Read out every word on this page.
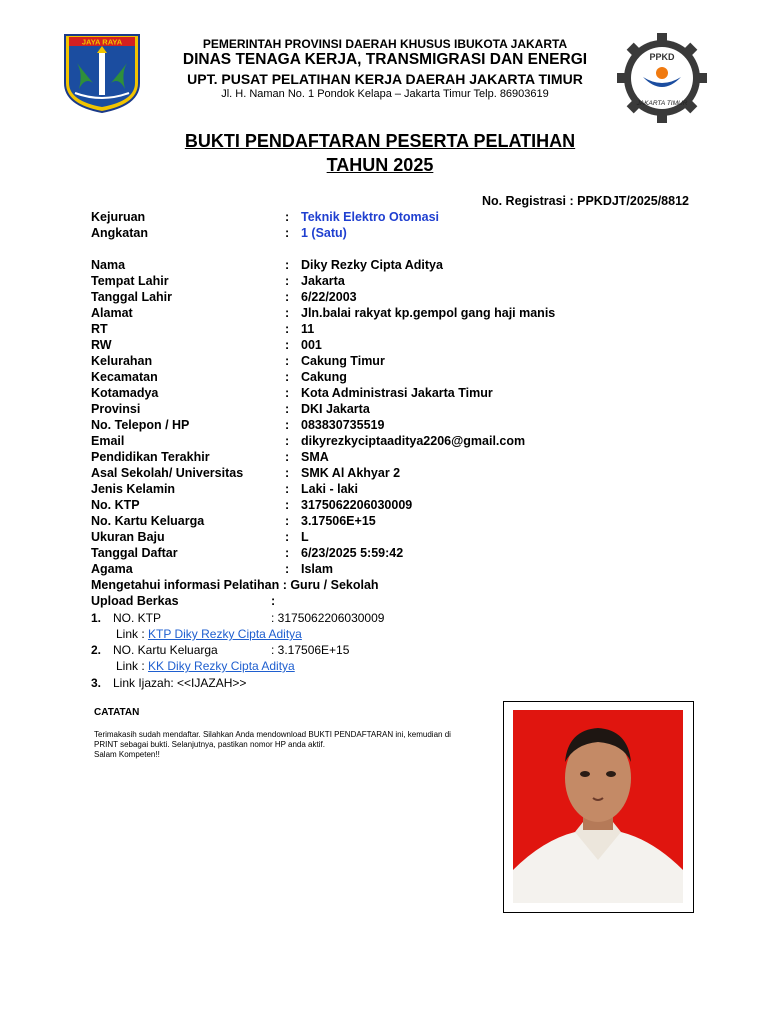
JAYA RAYA	PEMERINTAH PROVINSI DAERAH KHUSUS IBUKOTA JAKARTA
DINAS TENAGA KERJA, TRANSMIGRASI DAN ENERGI
UPT. PUSAT PELATIHAN KERJA DAERAH JAKARTA TIMUR
Jl. H. Naman No. 1 Pondok Kelapa – Jakarta Timur Telp. 86903619
PPKD
JAKARTA TIMUR
BUKTI PENDAFTARAN PESERTA PELATIHAN
TAHUN 2025
No. Registrasi : PPKDJT/2025/8812
Kejuruan	: Teknik Elektro Otomasi
Angkatan	: 1 (Satu)
Nama	: Diky Rezky Cipta Aditya
Tempat Lahir	: Jakarta
Tanggal Lahir	: 6/22/2003
Alamat	: Jln.balai rakyat kp.gempol gang haji manis
RT	: 11
RW	: 001
Kelurahan	: Cakung Timur
Kecamatan	: Cakung
Kotamadya	: Kota Administrasi Jakarta Timur
Provinsi	: DKI Jakarta
No. Telepon / HP	: 083830735519
Email	: dikyrezkyciptaaditya2206@gmail.com
Pendidikan Terakhir	: SMA
Asal Sekolah/ Universitas	: SMK Al Akhyar 2
Jenis Kelamin	: Laki - laki
No. KTP	: 3175062206030009
No. Kartu Keluarga	: 3.17506E+15
Ukuran Baju	: L
Tanggal Daftar	: 6/23/2025 5:59:42
Agama	: Islam
Mengetahui informasi Pelatihan : Guru / Sekolah
Upload Berkas	:
1. NO. KTP	: 3175062206030009
Link : KTP Diky Rezky Cipta Aditya
2. NO. Kartu Keluarga	: 3.17506E+15
Link : KK Diky Rezky Cipta Aditya
3. Link Ijazah: <<IJAZAH>>
CATATAN
Terimakasih sudah mendaftar. Silahkan Anda mendownload BUKTI PENDAFTARAN ini, kemudian di
PRINT sebagai bukti. Selanjutnya, pastikan nomor HP anda aktif.
Salam Kompeten!!
